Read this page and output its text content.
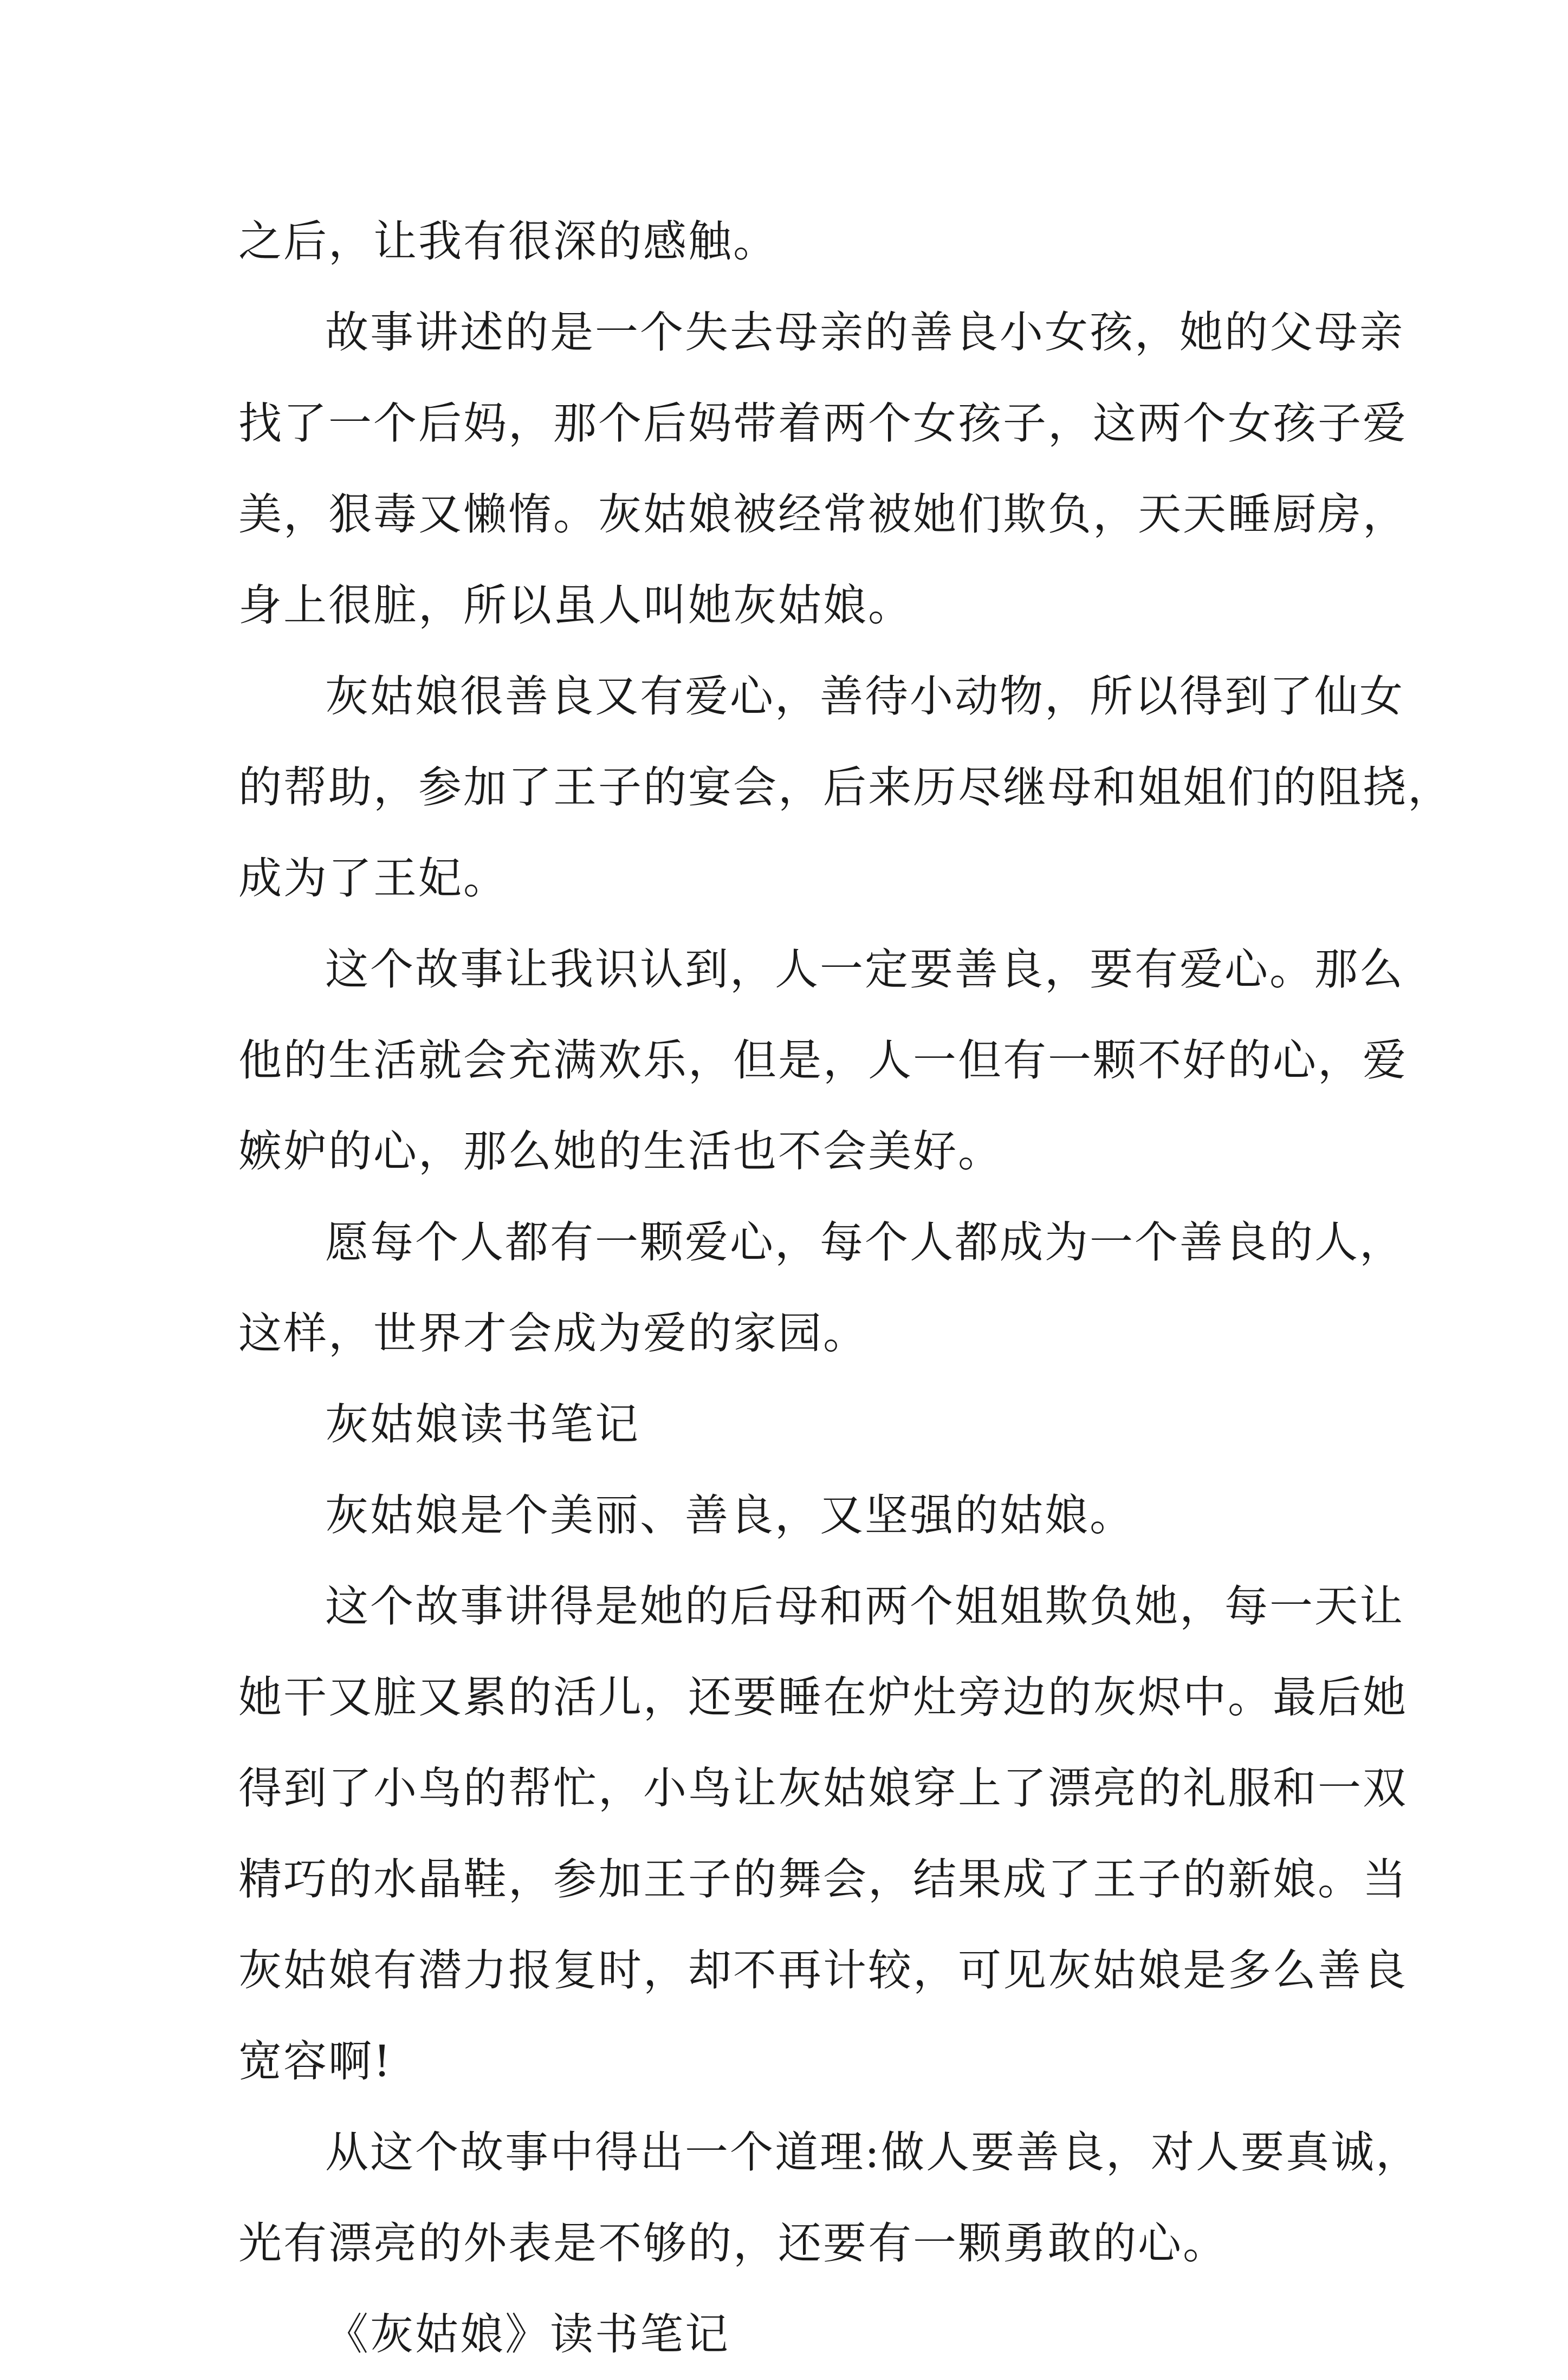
之后，让我有很深的感触。
故事讲述的是一个失去母亲的善良小女孩，她的父母亲
找了一个后妈，那个后妈带着两个女孩子，这两个女孩子爱
美，狠毒又懒惰。灰姑娘被经常被她们欺负，天天睡厨房，
身上很脏，所以虽人叫她灰姑娘。
灰姑娘很善良又有爱心，善待小动物，所以得到了仙女
的帮助，参加了王子的宴会，后来历尽继母和姐姐们的阻挠，
成为了王妃。
这个故事让我识认到，人一定要善良，要有爱心。那么
他的生活就会充满欢乐，但是，人一但有一颗不好的心，爱
嫉妒的心，那么她的生活也不会美好。
愿每个人都有一颗爱心，每个人都成为一个善良的人，
这样，世界才会成为爱的家园。
灰姑娘读书笔记
灰姑娘是个美丽、善良，又坚强的姑娘。
这个故事讲得是她的后母和两个姐姐欺负她，每一天让
她干又脏又累的活儿，还要睡在炉灶旁边的灰烬中。最后她
得到了小鸟的帮忙，小鸟让灰姑娘穿上了漂亮的礼服和一双
精巧的水晶鞋，参加王子的舞会，结果成了王子的新娘。当
灰姑娘有潜力报复时，却不再计较，可见灰姑娘是多么善良
宽容啊!
从这个故事中得出一个道理:做人要善良，对人要真诚，
光有漂亮的外表是不够的，还要有一颗勇敢的心。
《灰姑娘》读书笔记
